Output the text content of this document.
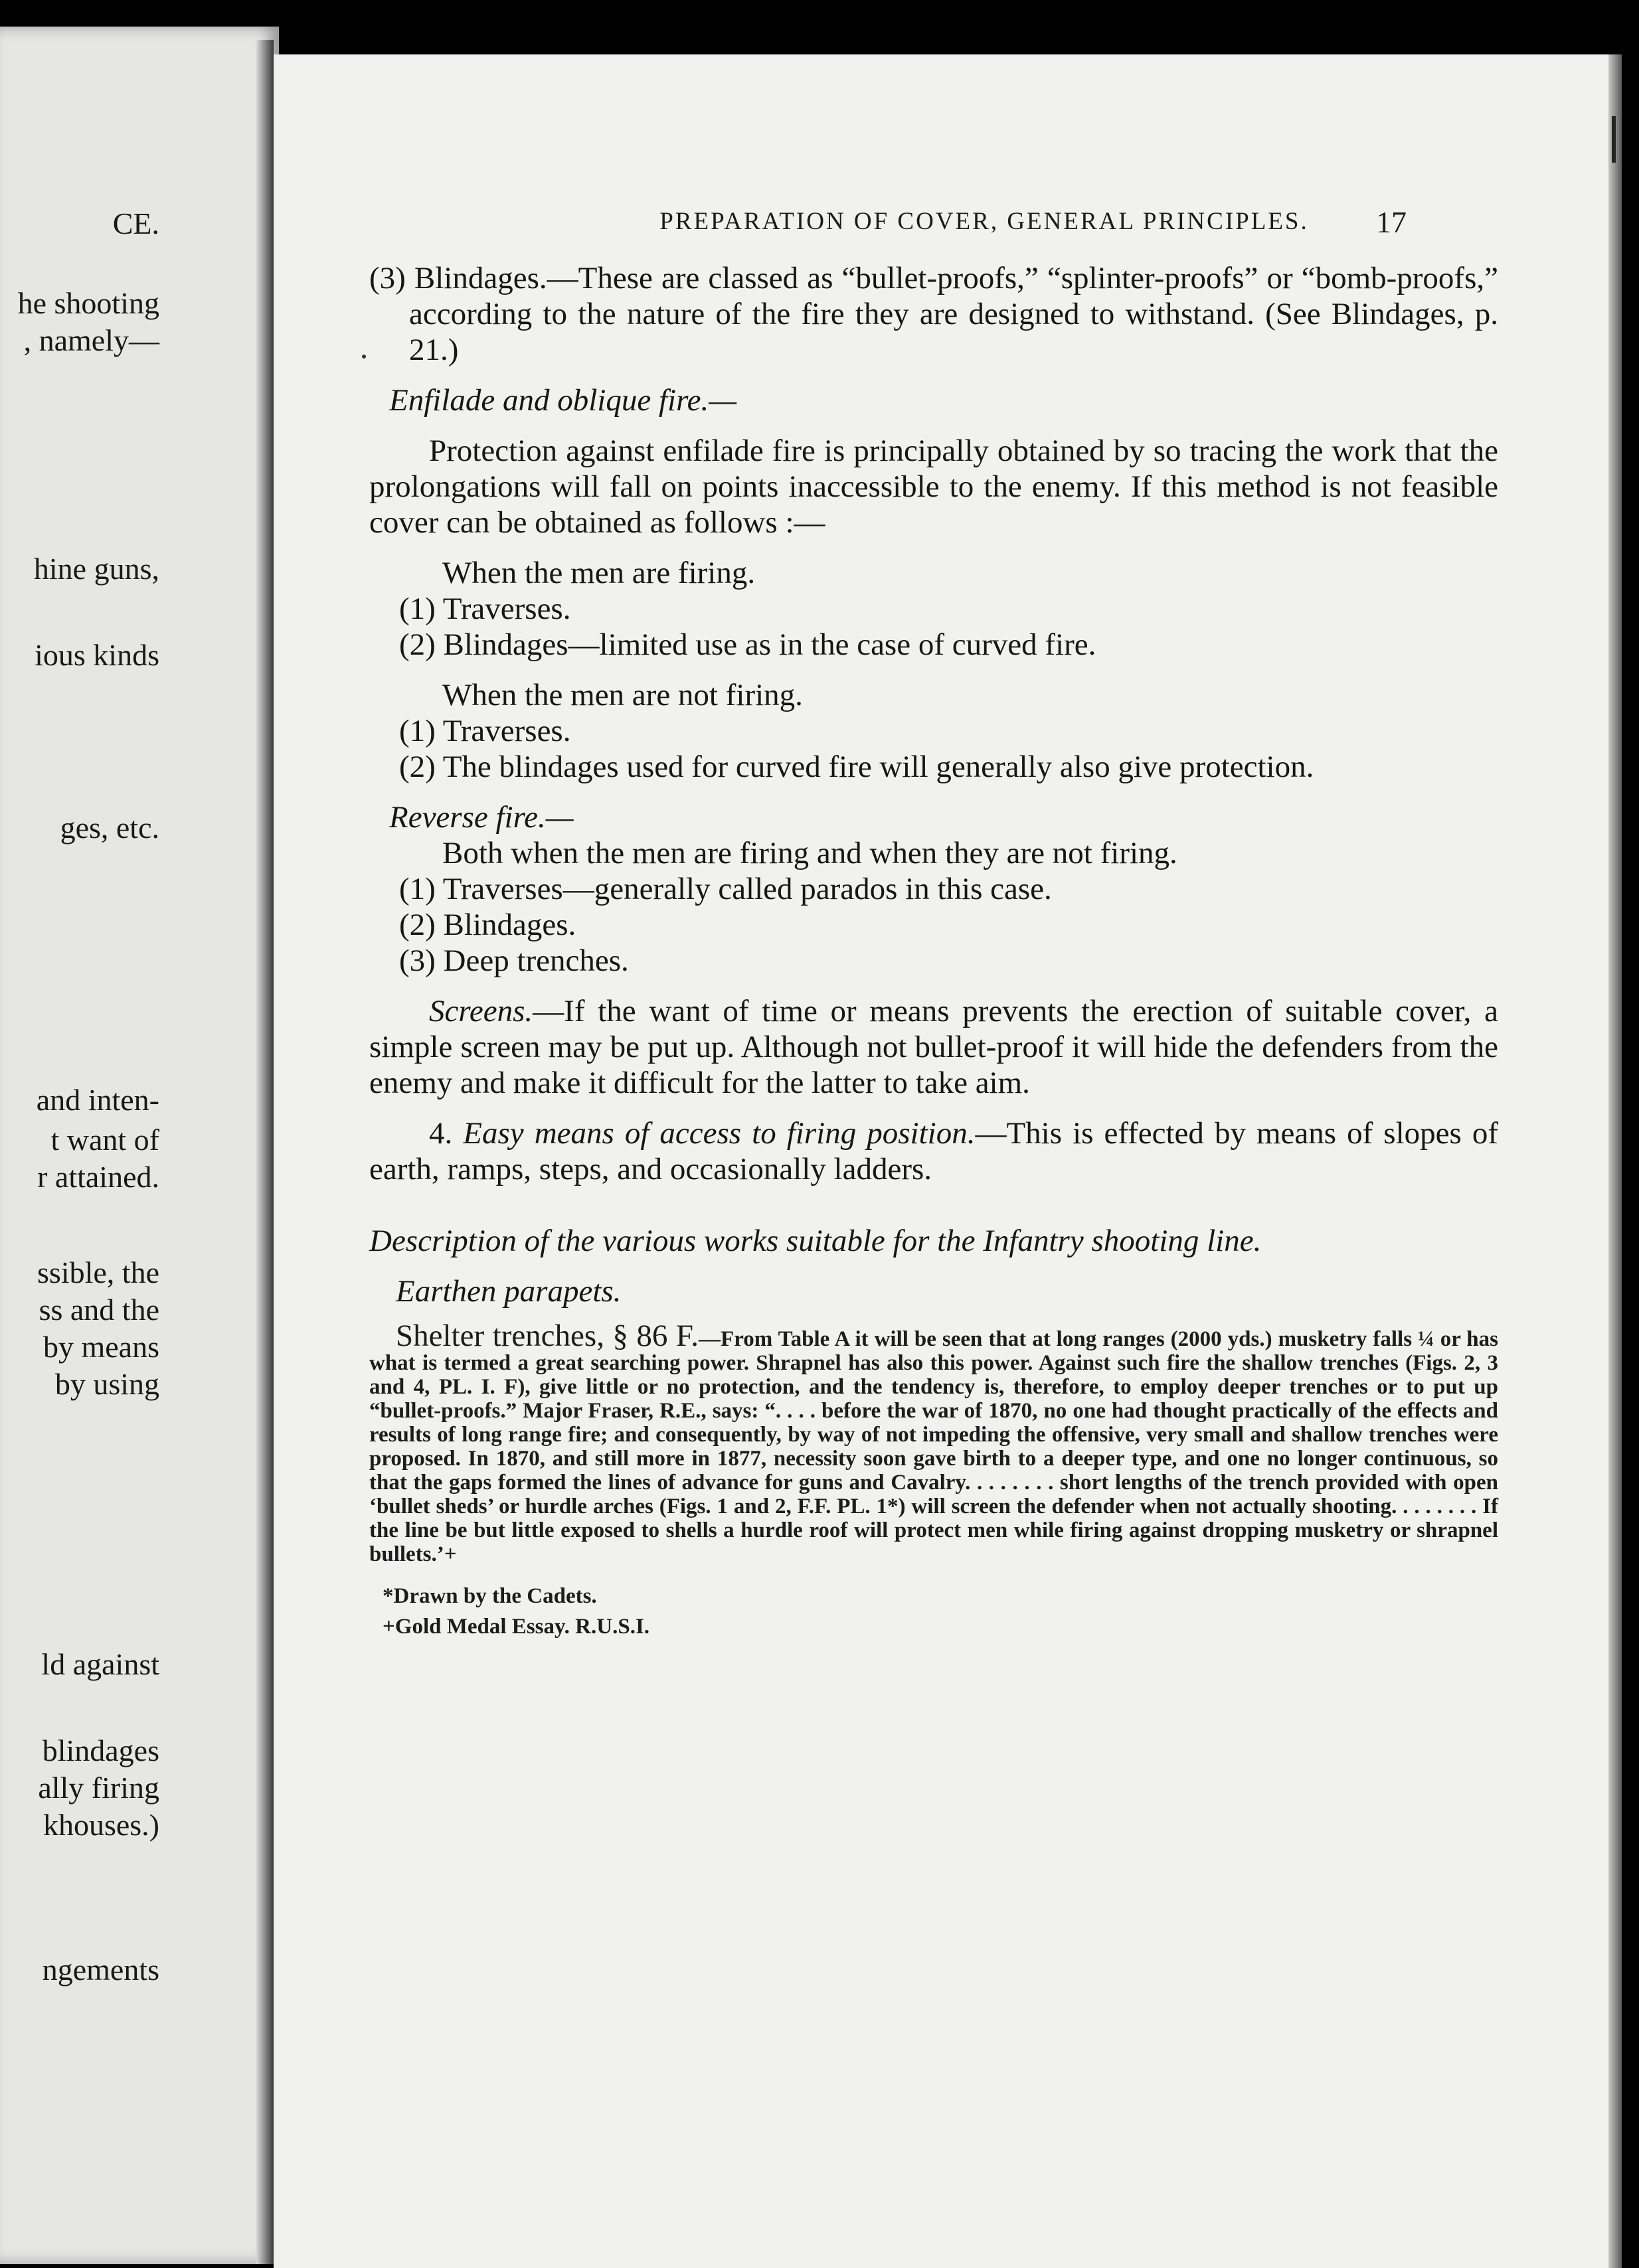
CE.
he shooting
, namely—
hine guns,
ious kinds
ges, etc.
and inten-
t want of
r attained.
ssible, the
ss and the
by means
by using
ld against
blindages
ally firing
khouses.)
ngements
PREPARATION OF COVER, GENERAL PRINCIPLES.	17

(3) Blindages.—These are classed as “bullet-proofs,” “splinter-proofs” or “bomb-proofs,” according to the nature of the fire they are designed to withstand. (See Blindages, p. 21.)

Enfilade and oblique fire.—

Protection against enfilade fire is principally obtained by so tracing the work that the prolongations will fall on points inaccessible to the enemy. If this method is not feasible cover can be obtained as follows :—

When the men are firing.

(1) Traverses.

(2) Blindages—limited use as in the case of curved fire.

When the men are not firing.

(1) Traverses.

(2) The blindages used for curved fire will generally also give protection.

Reverse fire.—

Both when the men are firing and when they are not firing.

(1) Traverses—generally called parados in this case.

(2) Blindages.

(3) Deep trenches.

Screens.—If the want of time or means prevents the erection of suitable cover, a simple screen may be put up. Although not bullet-proof it will hide the defenders from the enemy and make it difficult for the latter to take aim.

4. Easy means of access to firing position.—This is effected by means of slopes of earth, ramps, steps, and occasionally ladders.

Description of the various works suitable for the Infantry shooting line.

Earthen parapets.

Shelter trenches, § 86 F.—From Table A it will be seen that at long ranges (2000 yds.) musketry falls ¼ or has what is termed a great searching power. Shrapnel has also this power. Against such fire the shallow trenches (Figs. 2, 3 and 4, PL. I. F), give little or no protection, and the tendency is, therefore, to employ deeper trenches or to put up “bullet-proofs.” Major Fraser, R.E., says: “. . . . before the war of 1870, no one had thought practically of the effects and results of long range fire; and consequently, by way of not impeding the offensive, very small and shallow trenches were proposed. In 1870, and still more in 1877, necessity soon gave birth to a deeper type, and one no longer continuous, so that the gaps formed the lines of advance for guns and Cavalry. . . . . . . . short lengths of the trench provided with open ‘bullet sheds’ or hurdle arches (Figs. 1 and 2, F.F. PL. 1*) will screen the defender when not actually shooting. . . . . . . . If the line be but little exposed to shells a hurdle roof will protect men while firing against dropping musketry or shrapnel bullets.’+

*Drawn by the Cadets.

+Gold Medal Essay. R.U.S.I.
